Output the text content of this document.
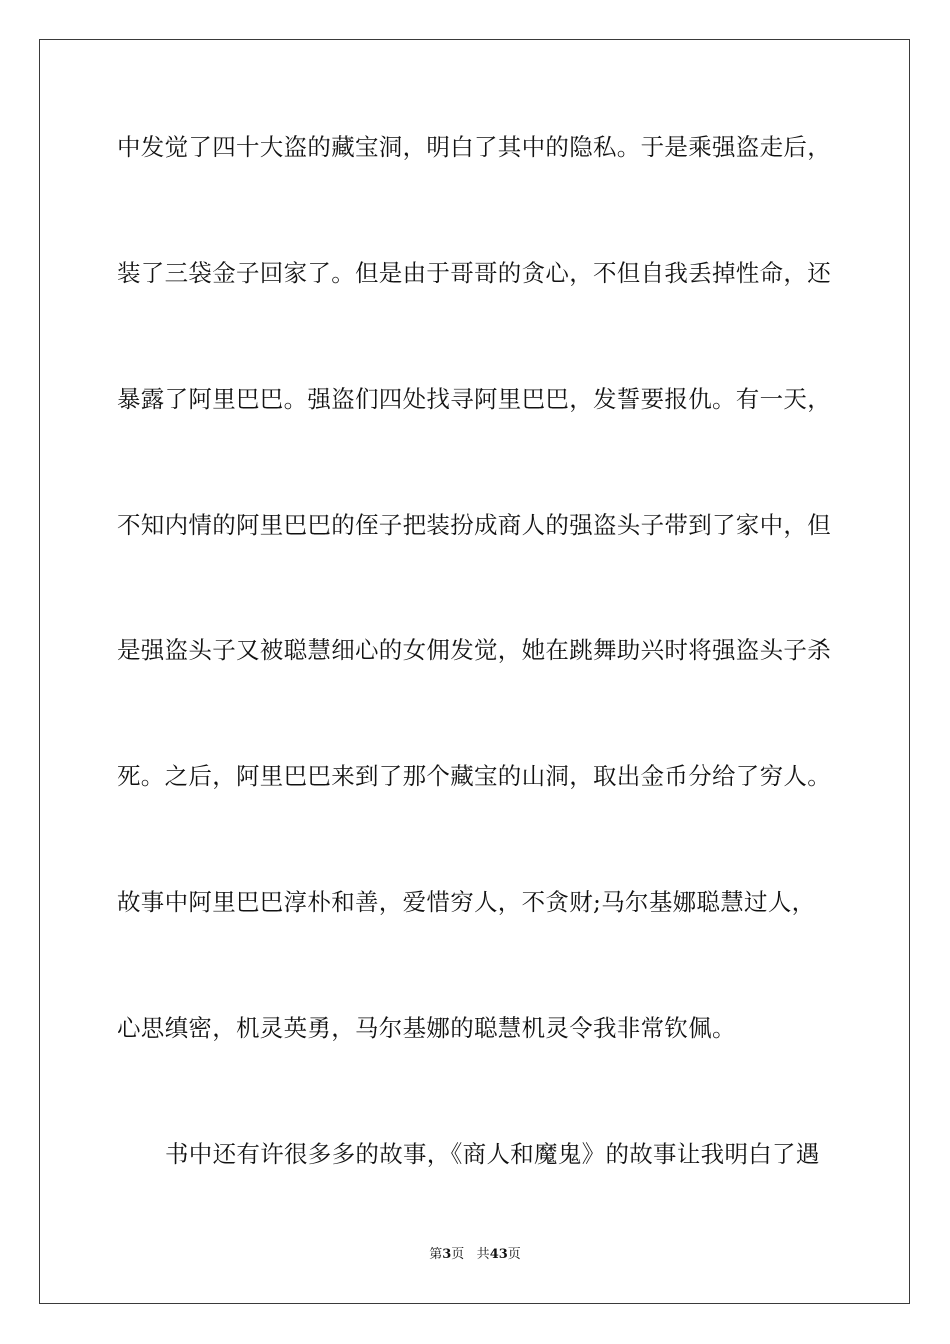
中发觉了四十大盗的藏宝洞，明白了其中的隐私。于是乘强盗走后，
装了三袋金子回家了。但是由于哥哥的贪心，不但自我丢掉性命，还
暴露了阿里巴巴。强盗们四处找寻阿里巴巴，发誓要报仇。有一天，
不知内情的阿里巴巴的侄子把装扮成商人的强盗头子带到了家中，但
是强盗头子又被聪慧细心的女佣发觉，她在跳舞助兴时将强盗头子杀
死。之后，阿里巴巴来到了那个藏宝的山洞，取出金币分给了穷人。
故事中阿里巴巴淳朴和善，爱惜穷人，不贪财;马尔基娜聪慧过人，
心思缜密，机灵英勇，马尔基娜的聪慧机灵令我非常钦佩。
书中还有许很多多的故事，《商人和魔鬼》的故事让我明白了遇
第3页 共43页
